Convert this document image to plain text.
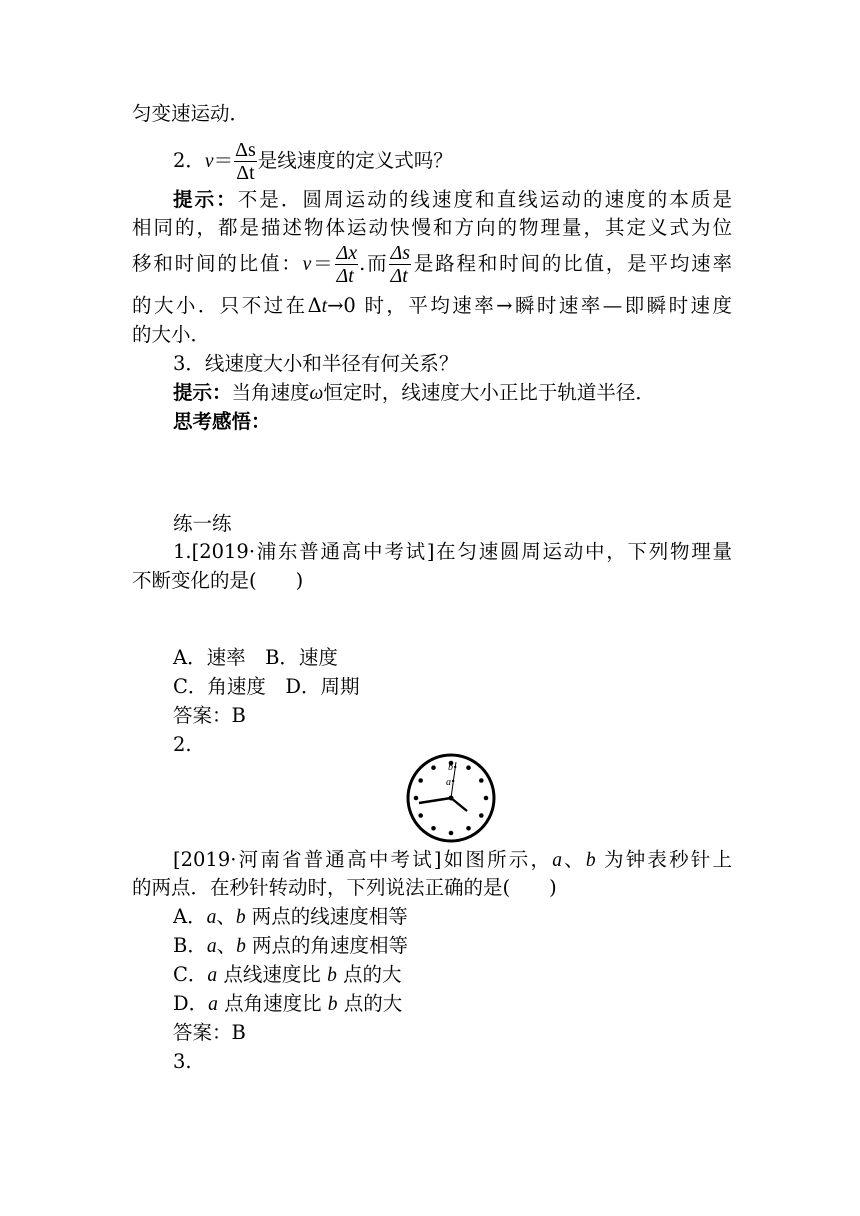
匀变速运动．
2．$v= \frac{\Delta s}{\Delta t}$ 是线速度的定义式吗？
提示：不是．圆周运动的线速度和直线运动的速度的本质是
相同的，都是描述物体运动快慢和方向的物理量，其定义式为位
移和时间的比值：$v= \frac{\Delta x}{\Delta t}$ .而 $\frac{\Delta s}{\Delta t}$ 是路程和时间的比值，是平均速率
的大小．只不过在Δt→0 时，平均速率→瞬时速率—即瞬时速度
的大小．
3．线速度大小和半径有何关系？
提示：当角速度ω恒定时，线速度大小正比于轨道半径．
思考感悟：
练一练
1.[2019·浦东普通高中考试]在匀速圆周运动中，下列物理量
不断变化的是(　　)
A．速率　B．速度
C．角速度　D．周期
答案：B
2.
a
b
[2019·河南省普通高中考试]如图所示，a、b 为钟表秒针上
的两点．在秒针转动时，下列说法正确的是(　　)
A．a、b 两点的线速度相等
B．a、b 两点的角速度相等
C．a 点线速度比 b 点的大
D．a 点角速度比 b 点的大
答案：B
3.
